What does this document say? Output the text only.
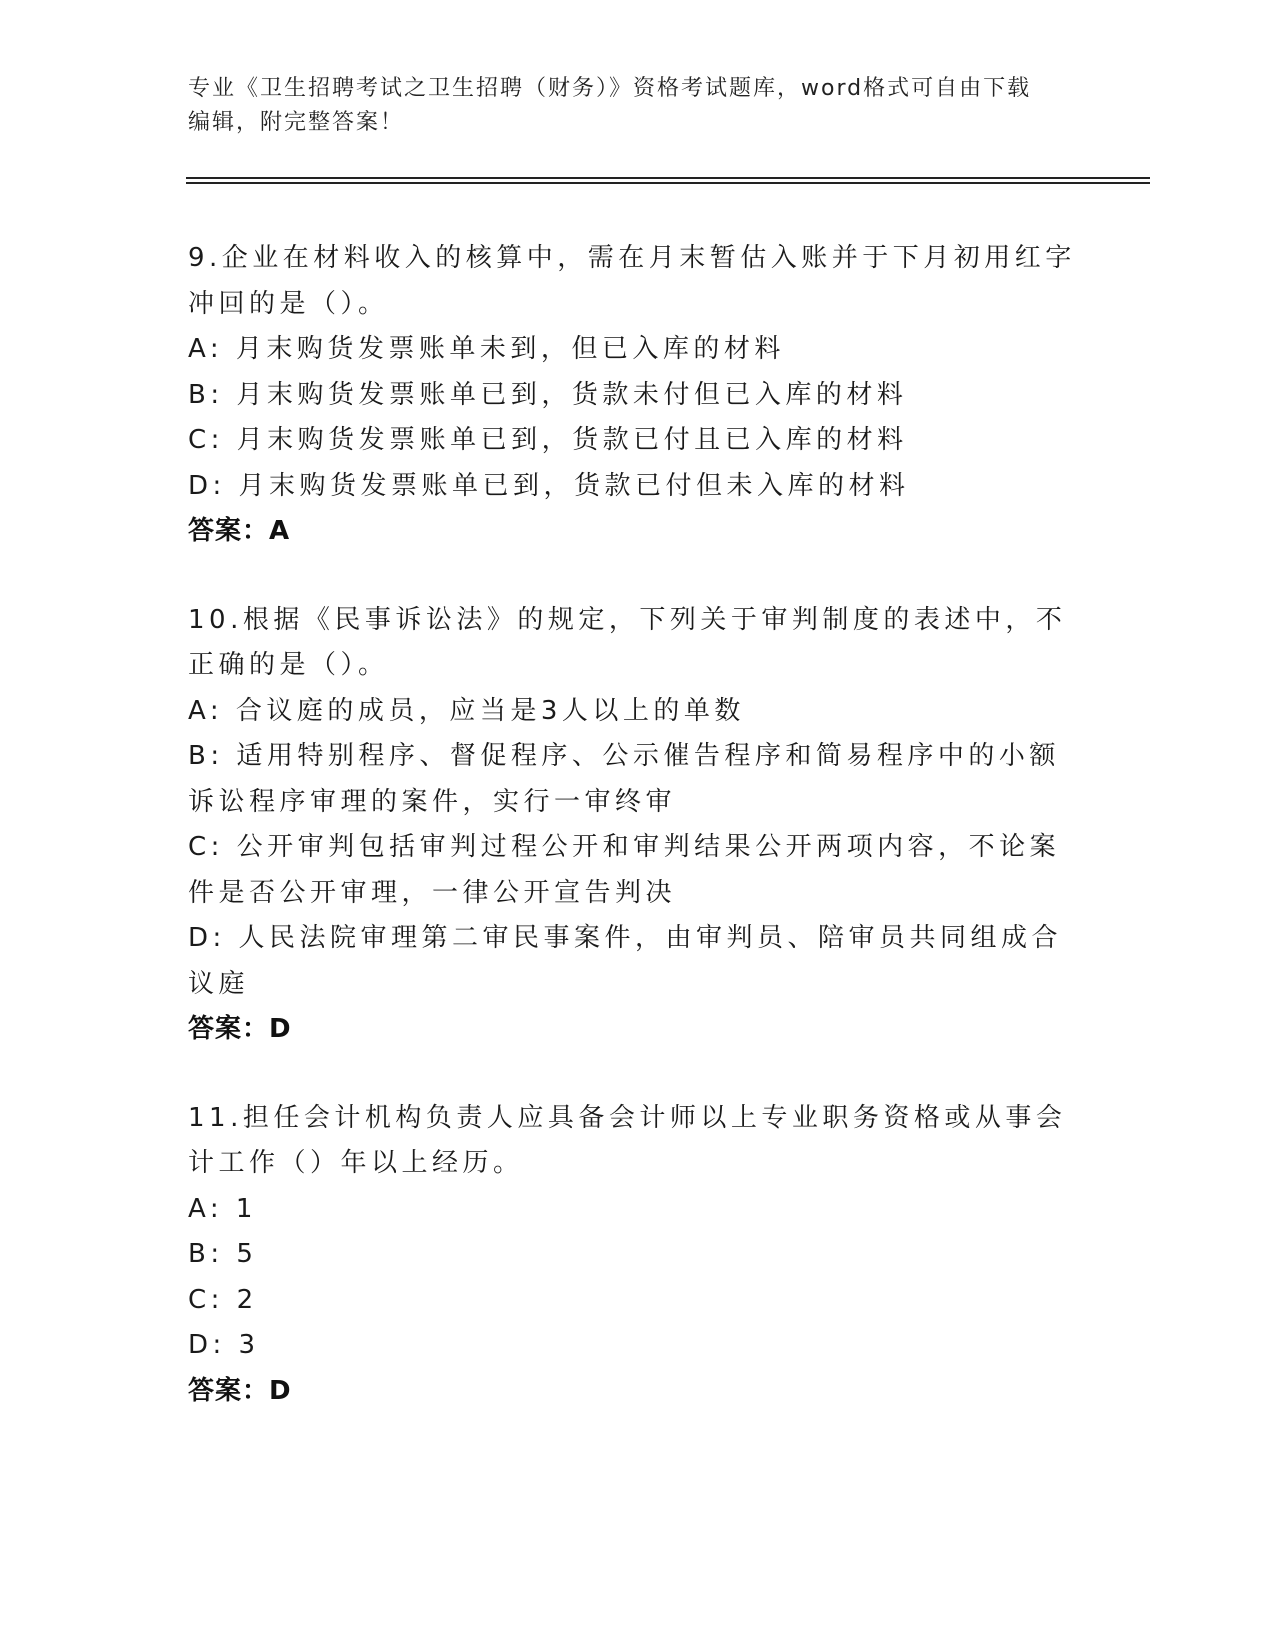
专业《卫生招聘考试之卫生招聘（财务）》资格考试题库，word格式可自由下载
编辑，附完整答案！
9.企业在材料收入的核算中，需在月末暂估入账并于下月初用红字冲回的是（）。
A: 月末购货发票账单未到，但已入库的材料
B: 月末购货发票账单已到，货款未付但已入库的材料
C: 月末购货发票账单已到，货款已付且已入库的材料
D: 月末购货发票账单已到，货款已付但未入库的材料
答案：A
10.根据《民事诉讼法》的规定，下列关于审判制度的表述中，不正确的是（）。
A: 合议庭的成员，应当是3人以上的单数
B: 适用特别程序、督促程序、公示催告程序和简易程序中的小额诉讼程序审理的案件，实行一审终审
C: 公开审判包括审判过程公开和审判结果公开两项内容，不论案件是否公开审理，一律公开宣告判决
D: 人民法院审理第二审民事案件，由审判员、陪审员共同组成合议庭
答案：D
11.担任会计机构负责人应具备会计师以上专业职务资格或从事会计工作（）年以上经历。
A: 1
B: 5
C: 2
D: 3
答案：D
